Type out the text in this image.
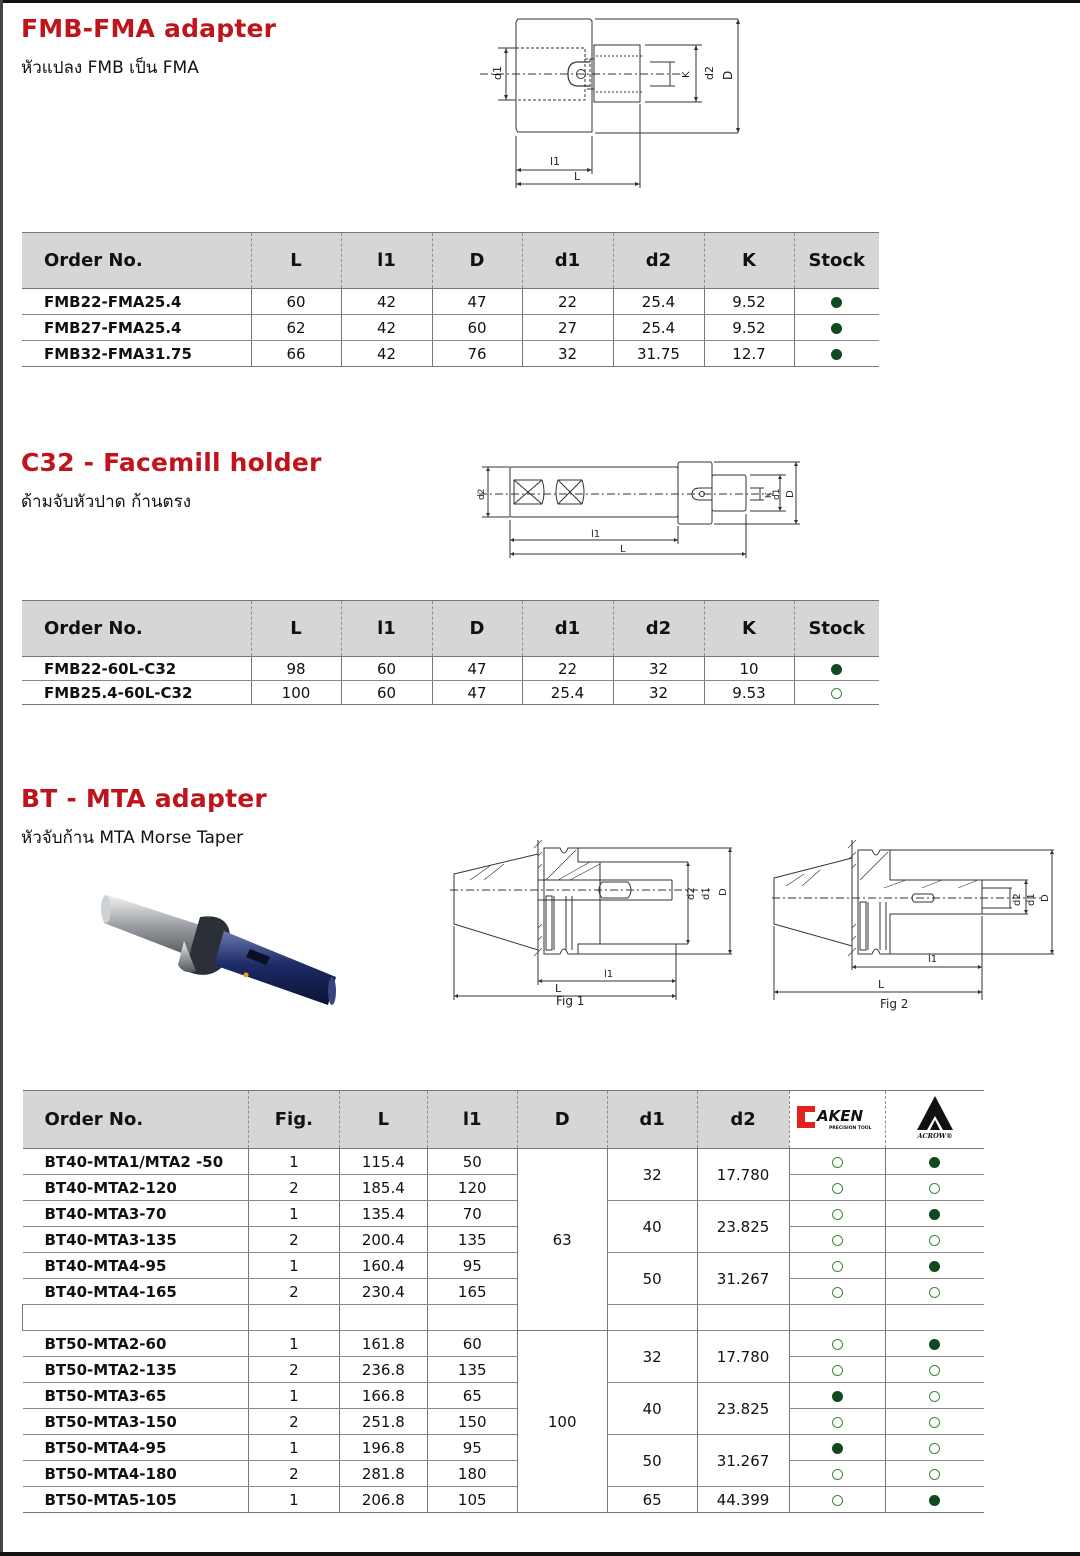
FMB-FMA adapter
หัวแปลง FMB เป็น FMA	d1	K d2 D
l1
L
Order No.	L	l1	D	d1	d2	K	Stock
FMB22-FMA25.4	60	42	47	22	25.4	9.52	
FMB27-FMA25.4	62	42	60	27	25.4	9.52	
FMB32-FMA31.75	66	42	76	32	31.75	12.7	
C32 - Facemill holder
ด้ามจับหัวปาด ก้านตรง	d2	K d1 D
l1
L
Order No.	L	l1	D	d1	d2	K	Stock
FMB22-60L-C32	98	60	47	22	32	10	
FMB25.4-60L-C32	100	60	47	25.4	32	9.53	
BT - MTA adapter
หัวจับก้าน MTA Morse Taper
d2 d1 D
l1
L
Fig 1
d2 d1 D
l1
L
Fig 2
Order No.	Fig.	L	l1	D	d1	d2	AKEN
PRECISION TOOL	ACROW®

BT40-MTA1/MTA2 -50	1	115.4	50	63	32	17.780		
BT40-MTA2-120	2	185.4	120					
BT40-MTA3-70	1	135.4	70		40	23.825		
BT40-MTA3-135	2	200.4	135					
BT40-MTA4-95	1	160.4	95		50	31.267		
BT40-MTA4-165	2	230.4	165					

BT50-MTA2-60	1	161.8	60	100	32	17.780		
BT50-MTA2-135	2	236.8	135					
BT50-MTA3-65	1	166.8	65		40	23.825		
BT50-MTA3-150	2	251.8	150					
BT50-MTA4-95	1	196.8	95		50	31.267		
BT50-MTA4-180	2	281.8	180					
BT50-MTA5-105	1	206.8	105		65	44.399		
